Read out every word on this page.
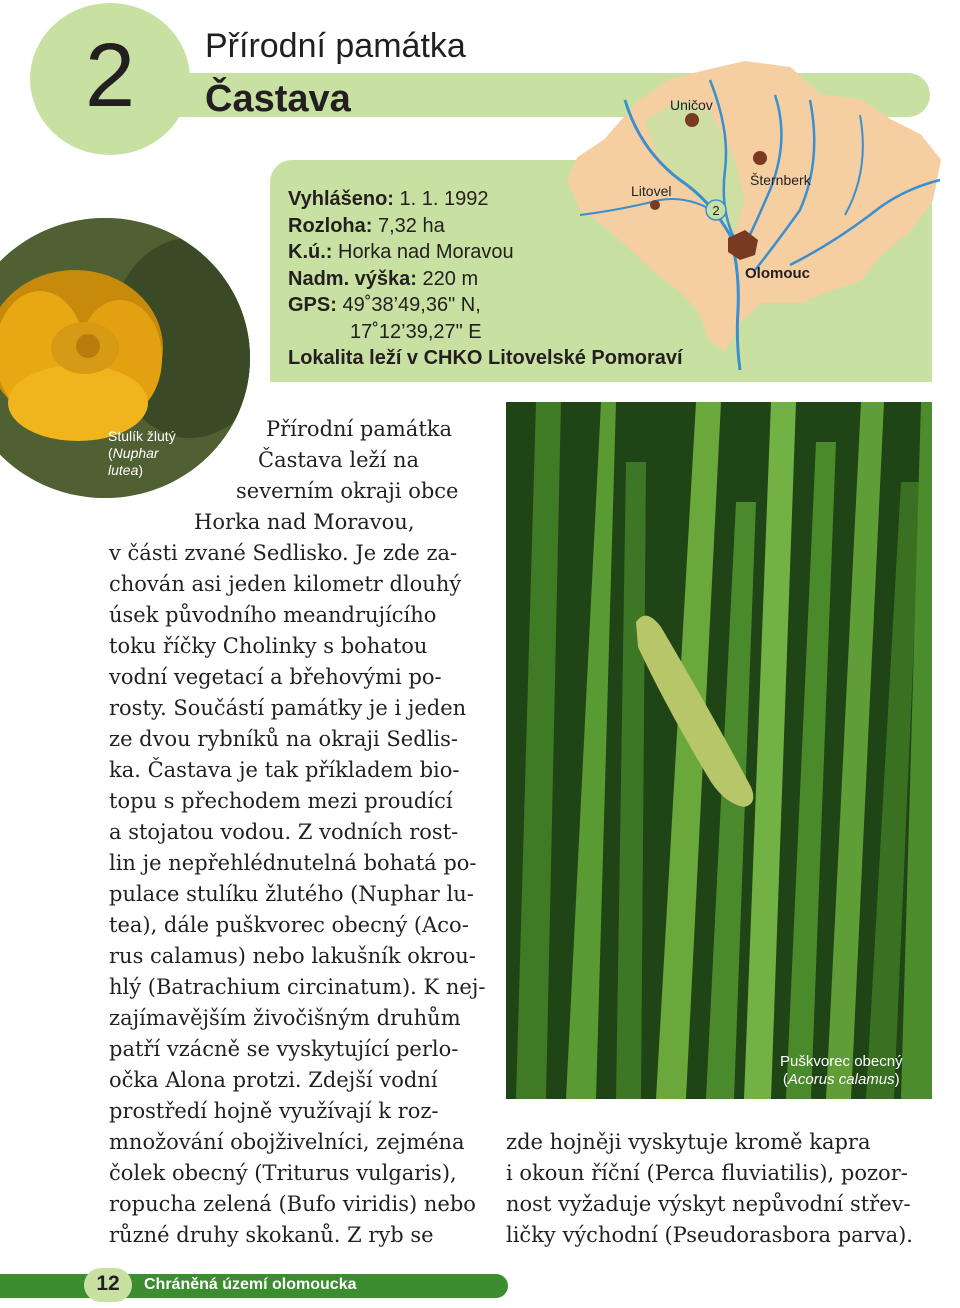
2	Přírodní památka
Častava
2
Uničov
Litovel
Šternberk
Olomouc
Vyhlášeno: 1. 1. 1992
Rozloha: 7,32 ha
K.ú.: Horka nad Moravou
Nadm. výška: 220 m
GPS: 49˚38’49,36" N,
17˚12’39,27" E
Lokalita leží v CHKO Litovelské Pomoraví
Stulík žlutý
(Nuphar
lutea)
Přírodní památka
Častava leží na
severním okraji obce
Horka nad Moravou,
v části zvané Sedlisko. Je zde za-
chován asi jeden kilometr dlouhý
úsek původního meandrujícího
toku říčky Cholinky s bohatou
vodní vegetací a břehovými po-
rosty. Součástí památky je i jeden
ze dvou rybníků na okraji Sedlis-
ka. Častava je tak příkladem bio-
topu s přechodem mezi proudící
a stojatou vodou. Z vodních rost-
lin je nepřehlédnutelná bohatá po-
pulace stulíku žlutého (Nuphar lu-
tea), dále puškvorec obecný (Aco-
rus calamus) nebo lakušník okrou-
hlý (Batrachium circinatum). K nej-
zajímavějším živočišným druhům
patří vzácně se vyskytující perlo-
očka Alona protzi. Zdejší vodní
prostředí hojně využívají k roz-
množování obojživelníci, zejména
čolek obecný (Triturus vulgaris),
ropucha zelená (Bufo viridis) nebo
různé druhy skokanů. Z ryb se
Puškvorec obecný
(Acorus calamus)
zde hojněji vyskytuje kromě kapra
i okoun říční (Perca fluviatilis), pozor-
nost vyžaduje výskyt nepůvodní střev-
ličky východní (Pseudorasbora parva).
12	Chráněná území olomoucka
